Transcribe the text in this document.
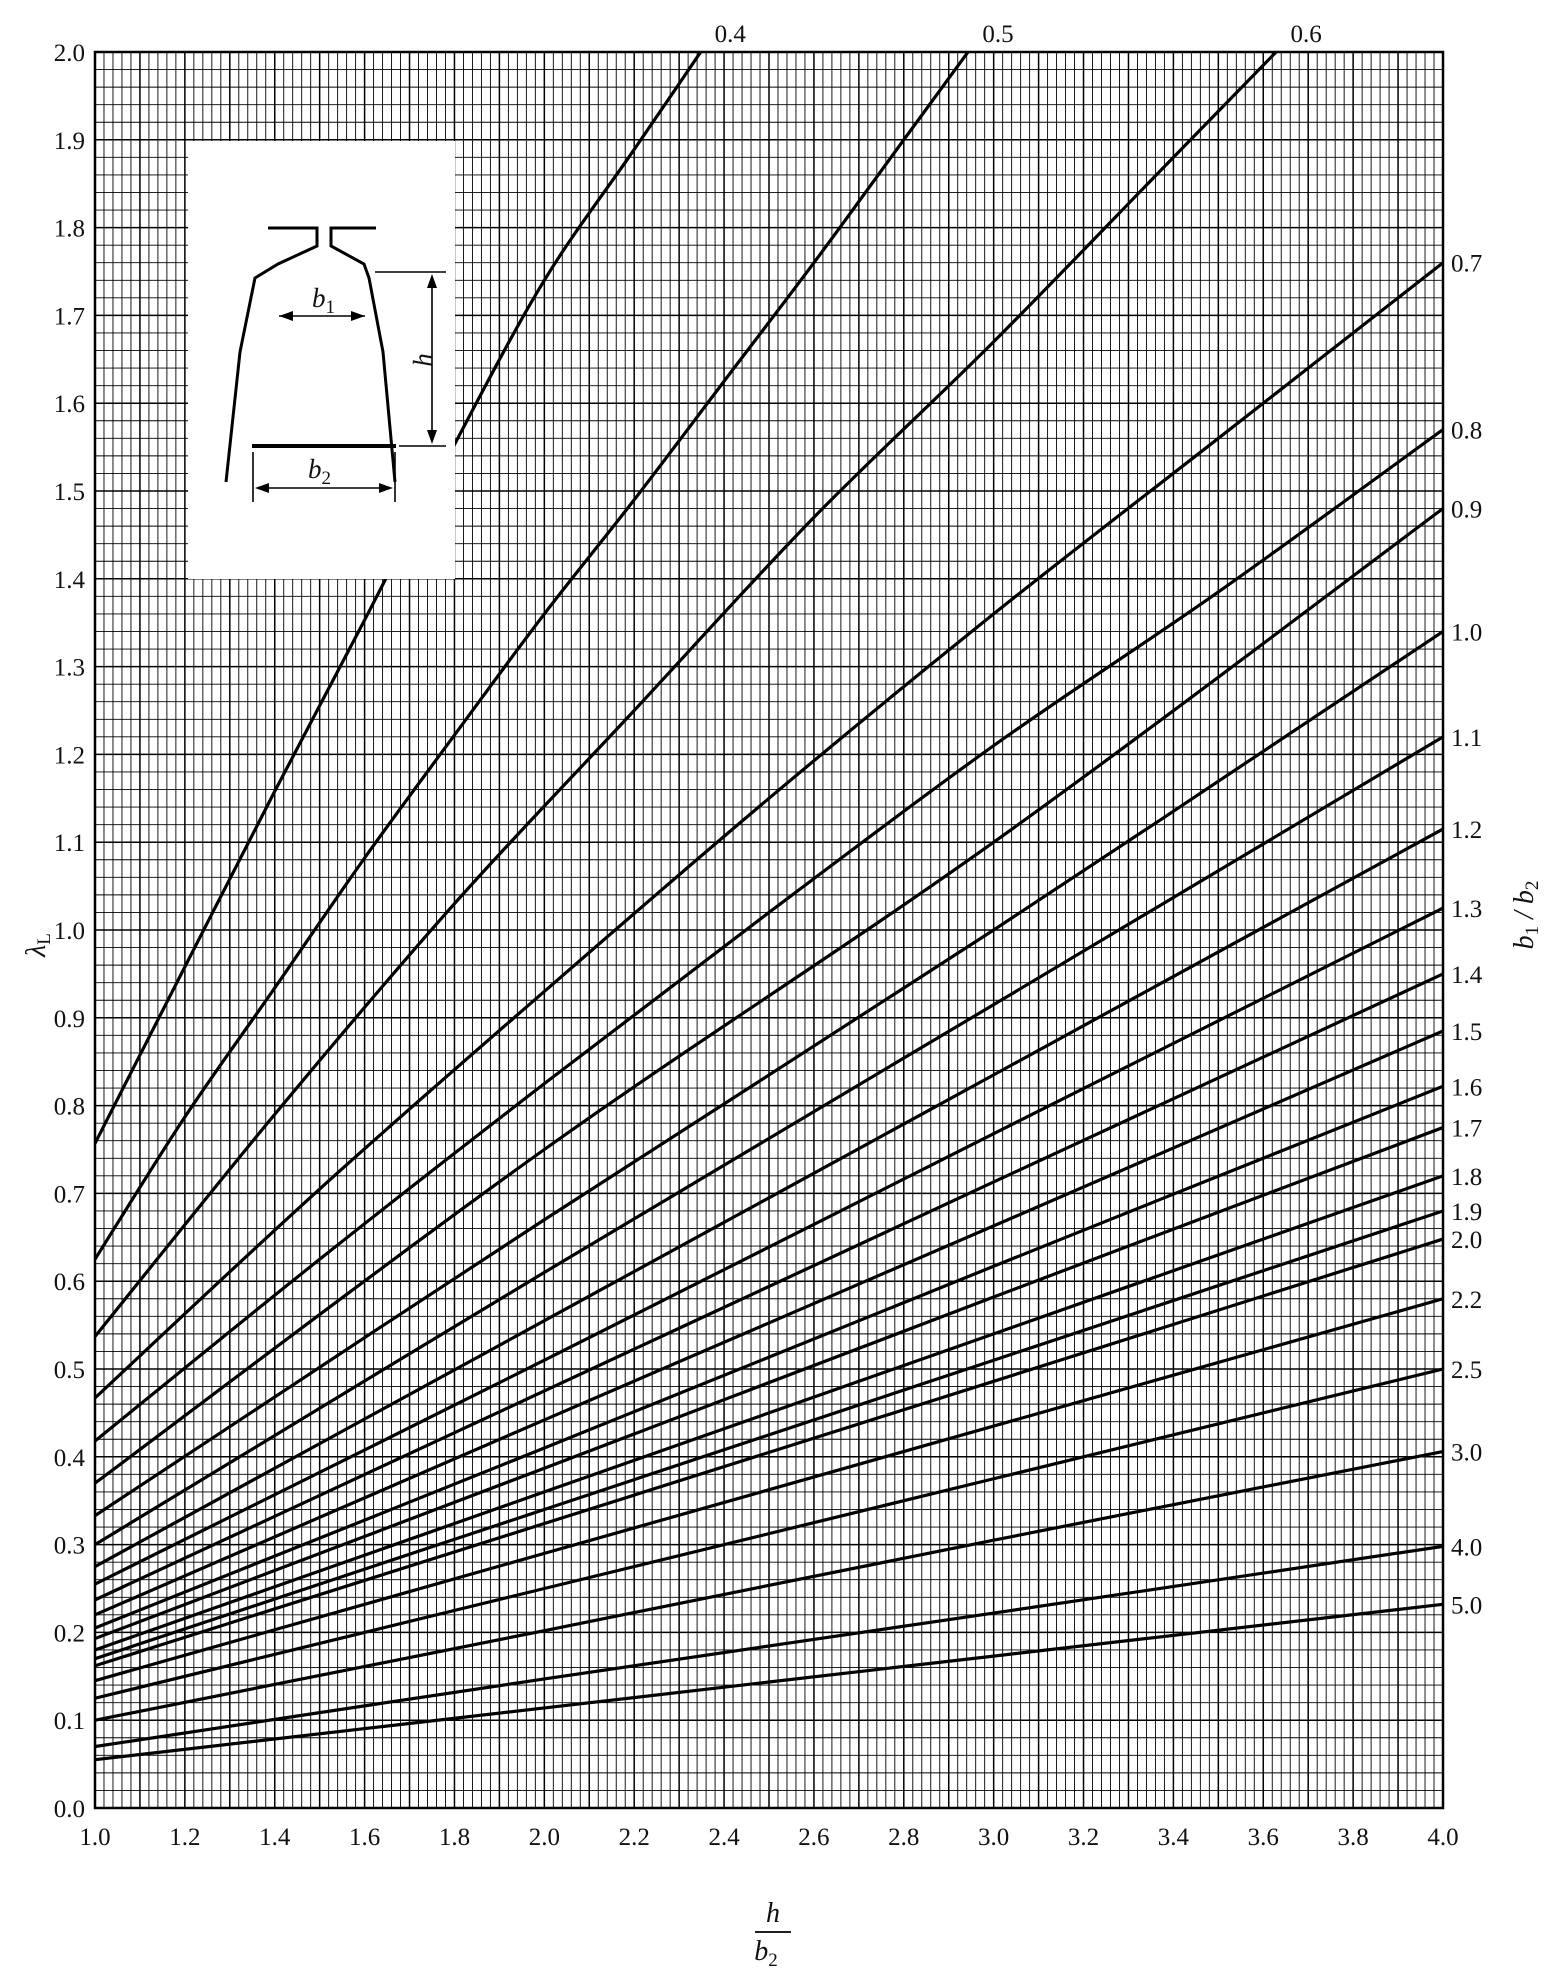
$b_1$
$b_2$
h
1.0 1.2 1.4 1.6 1.8 2.0 2.2 2.4 2.6 2.8 3.0 3.2 3.4 3.6 3.8 4.0
0.0
0.1
0.2
0.3
0.4
0.5
0.6
0.7
0.8
0.9
1.0
1.1
1.2
1.3
1.4
1.5
1.6
1.7
1.8
1.9
2.0
0.4	0.5	0.6
0.7
0.8
0.9
1.0
1.1
1.2
1.3
1.4
1.5
1.6
1.7
1.8
1.9
2.0
2.2
2.5
3.0
4.0
5.0
λL	b1 / b2
h
$b_2$
